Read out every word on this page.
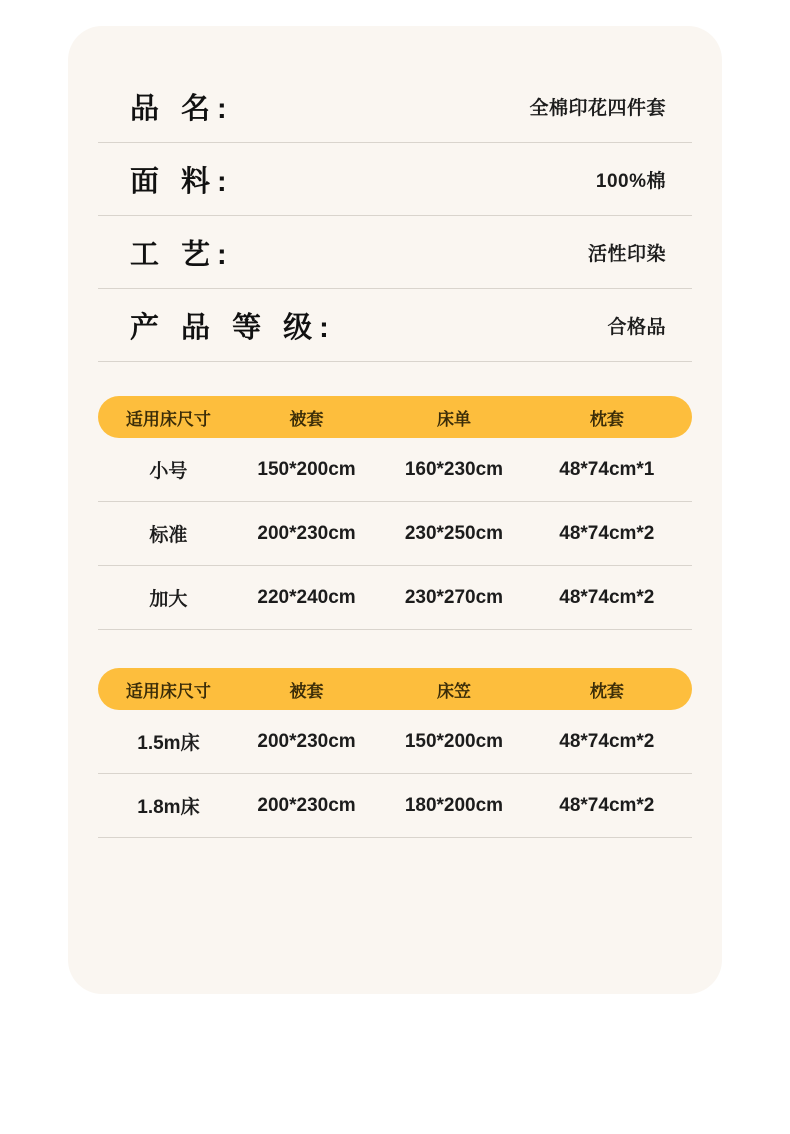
品 名:	全棉印花四件套
面 料:	100%棉
工 艺:	活性印染
产 品 等 级:	合格品
适用床尺寸	被套	床单	枕套
小号	150*200cm	160*230cm	48*74cm*1
标准	200*230cm	230*250cm	48*74cm*2
加大	220*240cm	230*270cm	48*74cm*2
适用床尺寸	被套	床笠	枕套
1.5m床	200*230cm	150*200cm	48*74cm*2
1.8m床	200*230cm	180*200cm	48*74cm*2
